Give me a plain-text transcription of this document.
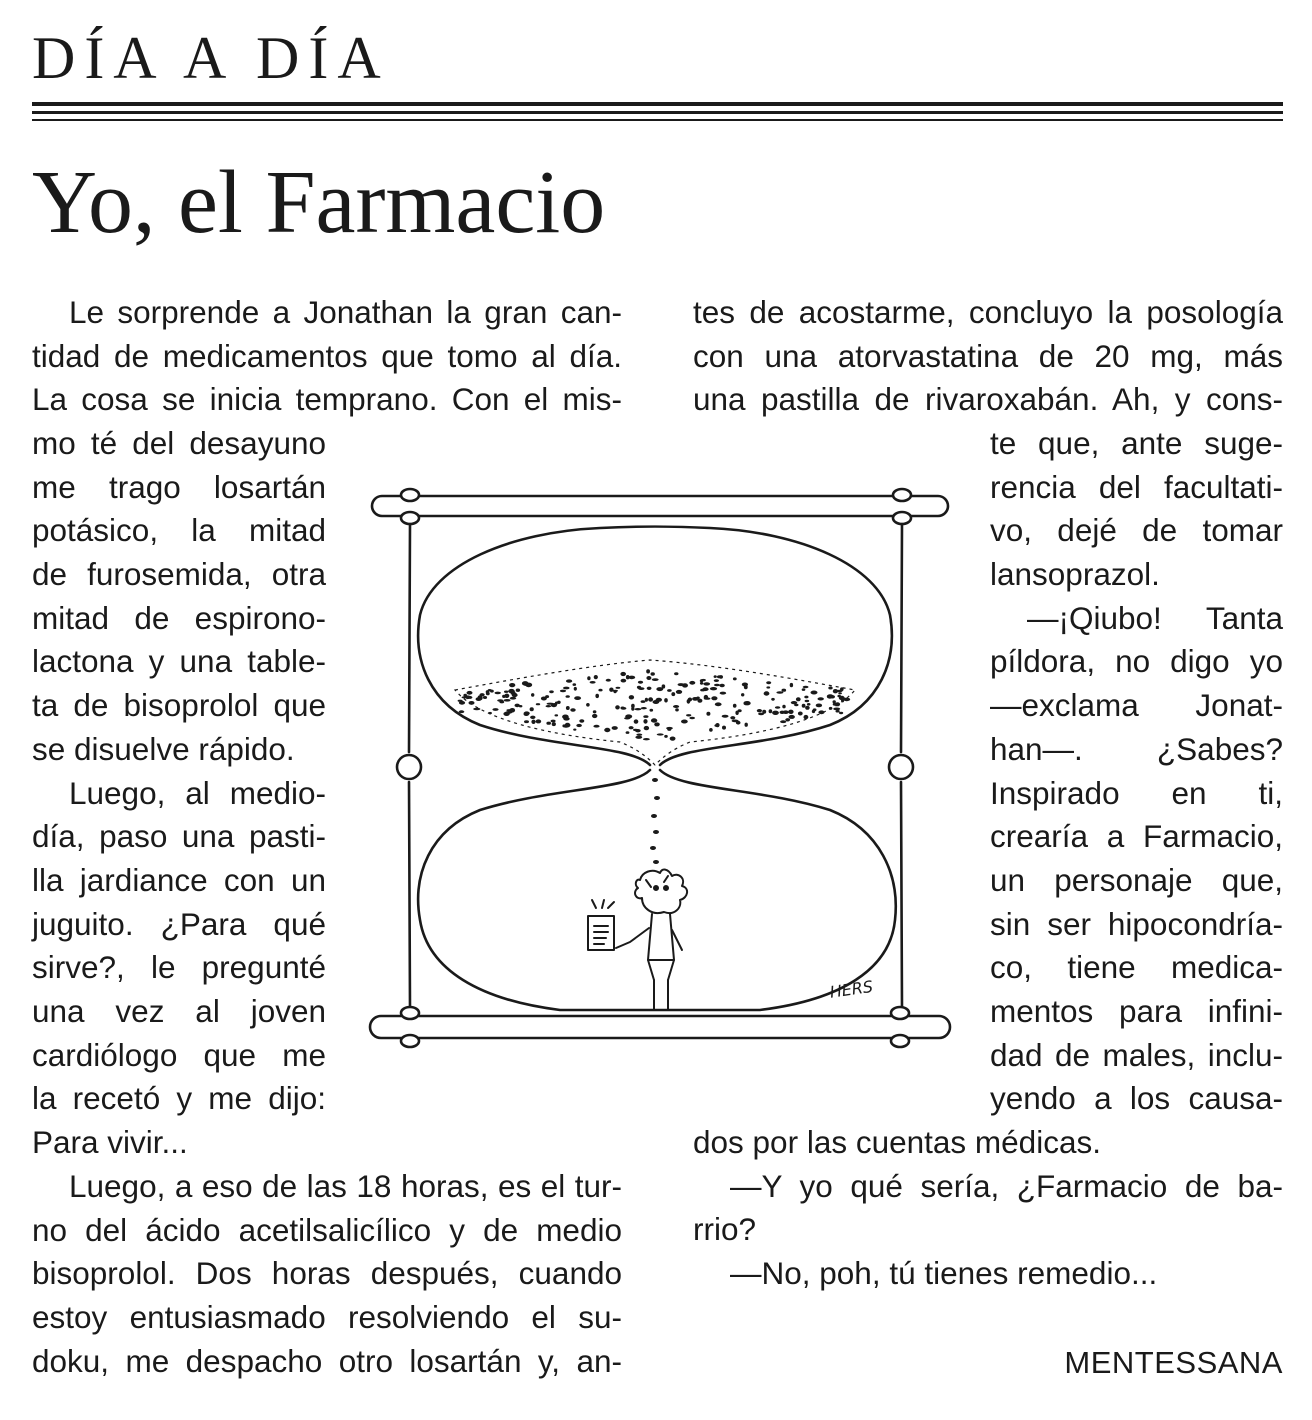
DÍA A DÍA
Yo, el Farmacio
Le sorprende a Jonathan la gran can-
tidad de medicamentos que tomo al día.
La cosa se inicia temprano. Con el mis-
mo té del desayuno
me trago losartán
potásico, la mitad
de furosemida, otra
mitad de espirono-
lactona y una table-
ta de bisoprolol que
se disuelve rápido.
Luego, al medio-
día, paso una pasti-
lla jardiance con un
juguito. ¿Para qué
sirve?, le pregunté
una vez al joven
cardiólogo que me
la recetó y me dijo:
Para vivir...
Luego, a eso de las 18 horas, es el tur-
no del ácido acetilsalicílico y de medio
bisoprolol. Dos horas después, cuando
estoy entusiasmado resolviendo el su-
doku, me despacho otro losartán y, an-
tes de acostarme, concluyo la posología
con una atorvastatina de 20 mg, más
una pastilla de rivaroxabán. Ah, y cons-
te que, ante suge-
rencia del facultati-
vo, dejé de tomar
lansoprazol.
—¡Qiubo! Tanta
píldora, no digo yo
—exclama Jonat-
han—. ¿Sabes?
Inspirado en ti,
crearía a Farmacio,
un personaje que,
sin ser hipocondría-
co, tiene medica-
mentos para infini-
dad de males, inclu-
yendo a los causa-
dos por las cuentas médicas.
—Y yo qué sería, ¿Farmacio de ba-
rrio?
—No, poh, tú tienes remedio...
MENTESSANA
HERS
